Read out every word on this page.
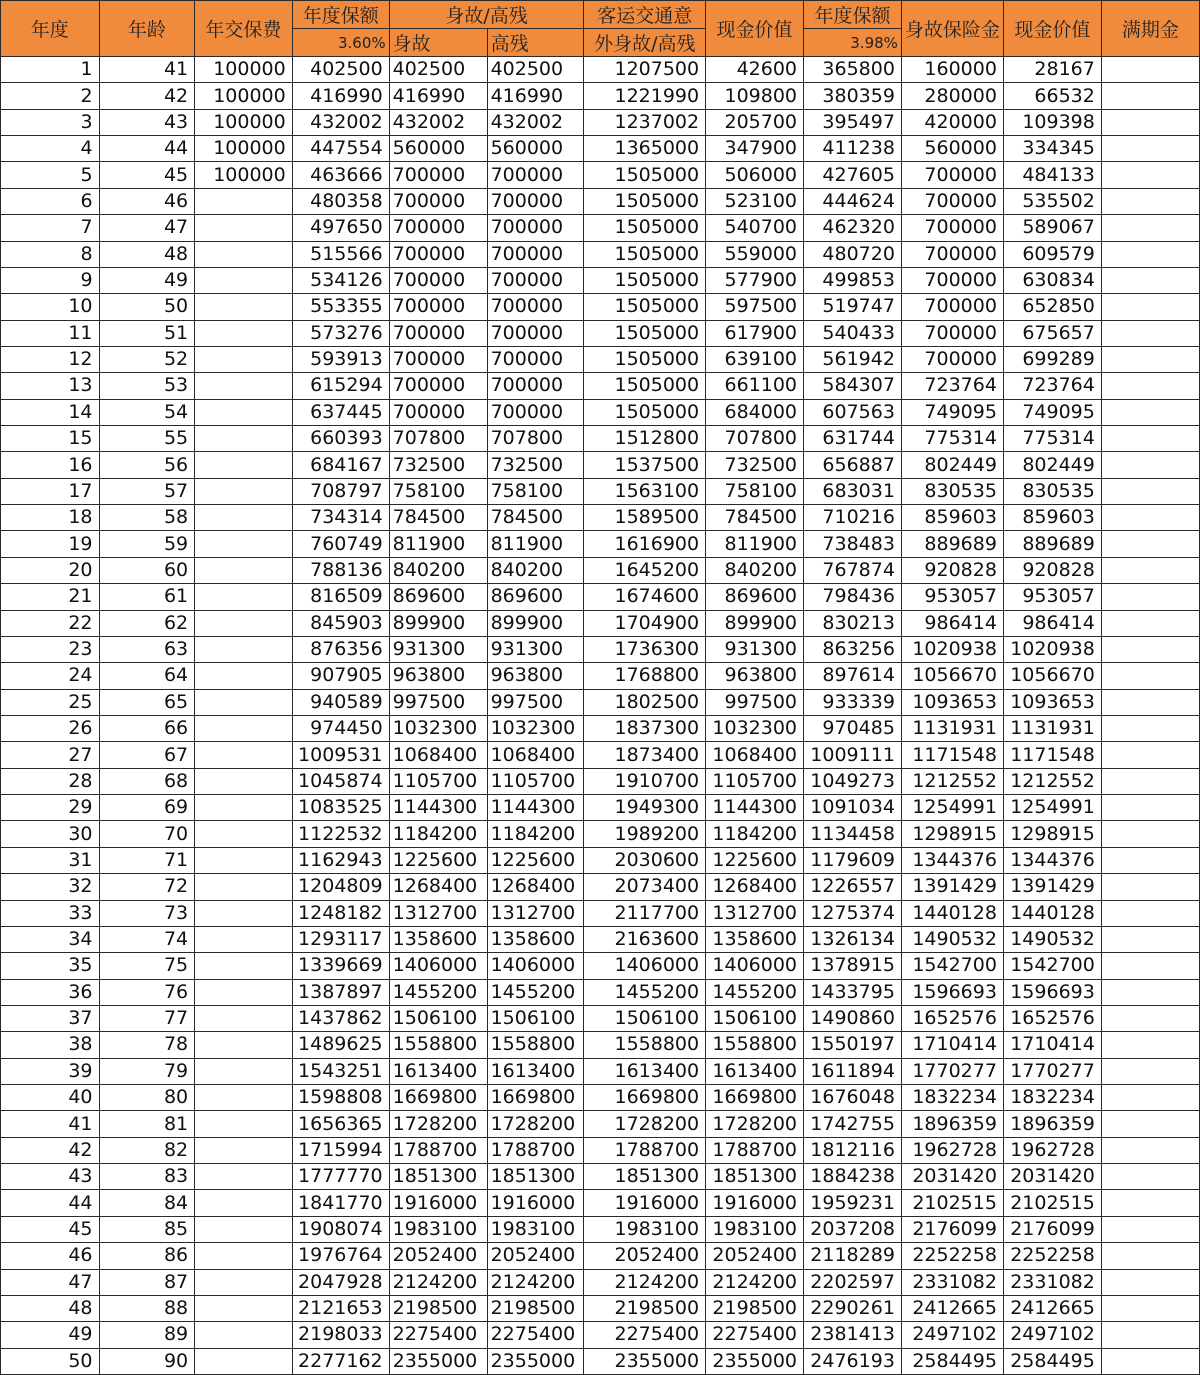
年度	年龄	年交保费	年度保额	身故/高残		客运交通意	现金价值	年度保额	身故保险金	现金价值	满期金
			3.60%	身故	高残	外身故/高残		3.98%			
1	41	100000	402500	402500	402500	1207500	42600	365800	160000	28167	
2	42	100000	416990	416990	416990	1221990	109800	380359	280000	66532	
3	43	100000	432002	432002	432002	1237002	205700	395497	420000	109398	
4	44	100000	447554	560000	560000	1365000	347900	411238	560000	334345	
5	45	100000	463666	700000	700000	1505000	506000	427605	700000	484133	
6	46		480358	700000	700000	1505000	523100	444624	700000	535502	
7	47		497650	700000	700000	1505000	540700	462320	700000	589067	
8	48		515566	700000	700000	1505000	559000	480720	700000	609579	
9	49		534126	700000	700000	1505000	577900	499853	700000	630834	
10	50		553355	700000	700000	1505000	597500	519747	700000	652850	
11	51		573276	700000	700000	1505000	617900	540433	700000	675657	
12	52		593913	700000	700000	1505000	639100	561942	700000	699289	
13	53		615294	700000	700000	1505000	661100	584307	723764	723764	
14	54		637445	700000	700000	1505000	684000	607563	749095	749095	
15	55		660393	707800	707800	1512800	707800	631744	775314	775314	
16	56		684167	732500	732500	1537500	732500	656887	802449	802449	
17	57		708797	758100	758100	1563100	758100	683031	830535	830535	
18	58		734314	784500	784500	1589500	784500	710216	859603	859603	
19	59		760749	811900	811900	1616900	811900	738483	889689	889689	
20	60		788136	840200	840200	1645200	840200	767874	920828	920828	
21	61		816509	869600	869600	1674600	869600	798436	953057	953057	
22	62		845903	899900	899900	1704900	899900	830213	986414	986414	
23	63		876356	931300	931300	1736300	931300	863256	1020938	1020938	
24	64		907905	963800	963800	1768800	963800	897614	1056670	1056670	
25	65		940589	997500	997500	1802500	997500	933339	1093653	1093653	
26	66		974450	1032300	1032300	1837300	1032300	970485	1131931	1131931	
27	67		1009531	1068400	1068400	1873400	1068400	1009111	1171548	1171548	
28	68		1045874	1105700	1105700	1910700	1105700	1049273	1212552	1212552	
29	69		1083525	1144300	1144300	1949300	1144300	1091034	1254991	1254991	
30	70		1122532	1184200	1184200	1989200	1184200	1134458	1298915	1298915	
31	71		1162943	1225600	1225600	2030600	1225600	1179609	1344376	1344376	
32	72		1204809	1268400	1268400	2073400	1268400	1226557	1391429	1391429	
33	73		1248182	1312700	1312700	2117700	1312700	1275374	1440128	1440128	
34	74		1293117	1358600	1358600	2163600	1358600	1326134	1490532	1490532	
35	75		1339669	1406000	1406000	1406000	1406000	1378915	1542700	1542700	
36	76		1387897	1455200	1455200	1455200	1455200	1433795	1596693	1596693	
37	77		1437862	1506100	1506100	1506100	1506100	1490860	1652576	1652576	
38	78		1489625	1558800	1558800	1558800	1558800	1550197	1710414	1710414	
39	79		1543251	1613400	1613400	1613400	1613400	1611894	1770277	1770277	
40	80		1598808	1669800	1669800	1669800	1669800	1676048	1832234	1832234	
41	81		1656365	1728200	1728200	1728200	1728200	1742755	1896359	1896359	
42	82		1715994	1788700	1788700	1788700	1788700	1812116	1962728	1962728	
43	83		1777770	1851300	1851300	1851300	1851300	1884238	2031420	2031420	
44	84		1841770	1916000	1916000	1916000	1916000	1959231	2102515	2102515	
45	85		1908074	1983100	1983100	1983100	1983100	2037208	2176099	2176099	
46	86		1976764	2052400	2052400	2052400	2052400	2118289	2252258	2252258	
47	87		2047928	2124200	2124200	2124200	2124200	2202597	2331082	2331082	
48	88		2121653	2198500	2198500	2198500	2198500	2290261	2412665	2412665	
49	89		2198033	2275400	2275400	2275400	2275400	2381413	2497102	2497102	
50	90		2277162	2355000	2355000	2355000	2355000	2476193	2584495	2584495	
